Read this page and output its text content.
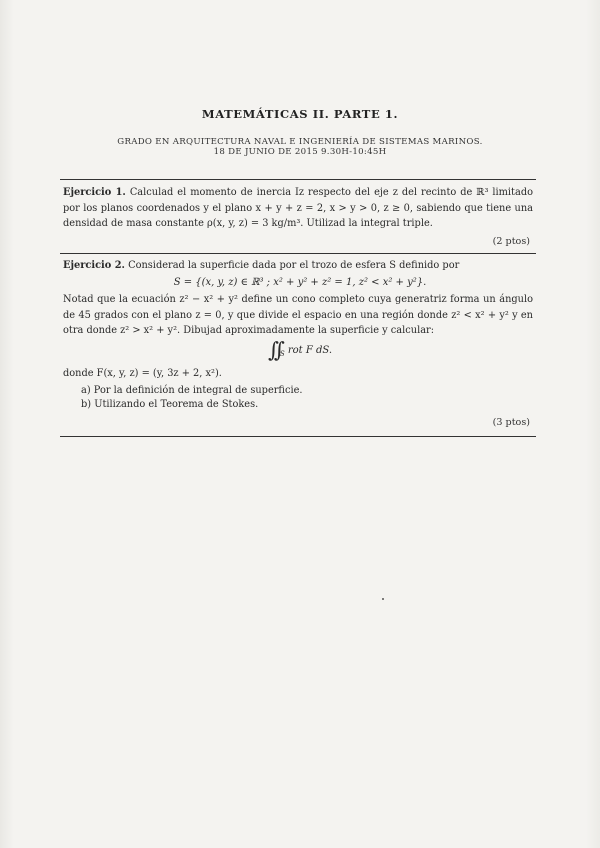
MATEMÁTICAS II. PARTE 1.
GRADO EN ARQUITECTURA NAVAL E INGENIERÍA DE SISTEMAS MARINOS.
18 DE JUNIO DE 2015 9.30H-10:45H
Ejercicio 1. Calculad el momento de inercia Iz respecto del eje z del recinto de ℝ³ limitado por los planos coordenados y el plano x + y + z = 2, x > y > 0, z ≥ 0, sabiendo que tiene una densidad de masa constante ρ(x, y, z) = 3 kg/m³. Utilizad la integral triple.
(2 ptos)
Ejercicio 2. Considerad la superficie dada por el trozo de esfera S definido por
S = {(x, y, z) ∈ ℝ³ ; x² + y² + z² = 1, z² < x² + y²}.
Notad que la ecuación z² − x² + y² define un cono completo cuya generatriz forma un ángulo de 45 grados con el plano z = 0, y que divide el espacio en una región donde z² < x² + y² y en otra donde z² > x² + y². Dibujad aproximadamente la superficie y calcular:
$\int\int_S$ rot F dS.
donde F(x, y, z) = (y, 3z + 2, x²).
a) Por la definición de integral de superficie.
b) Utilizando el Teorema de Stokes.
(3 ptos)
